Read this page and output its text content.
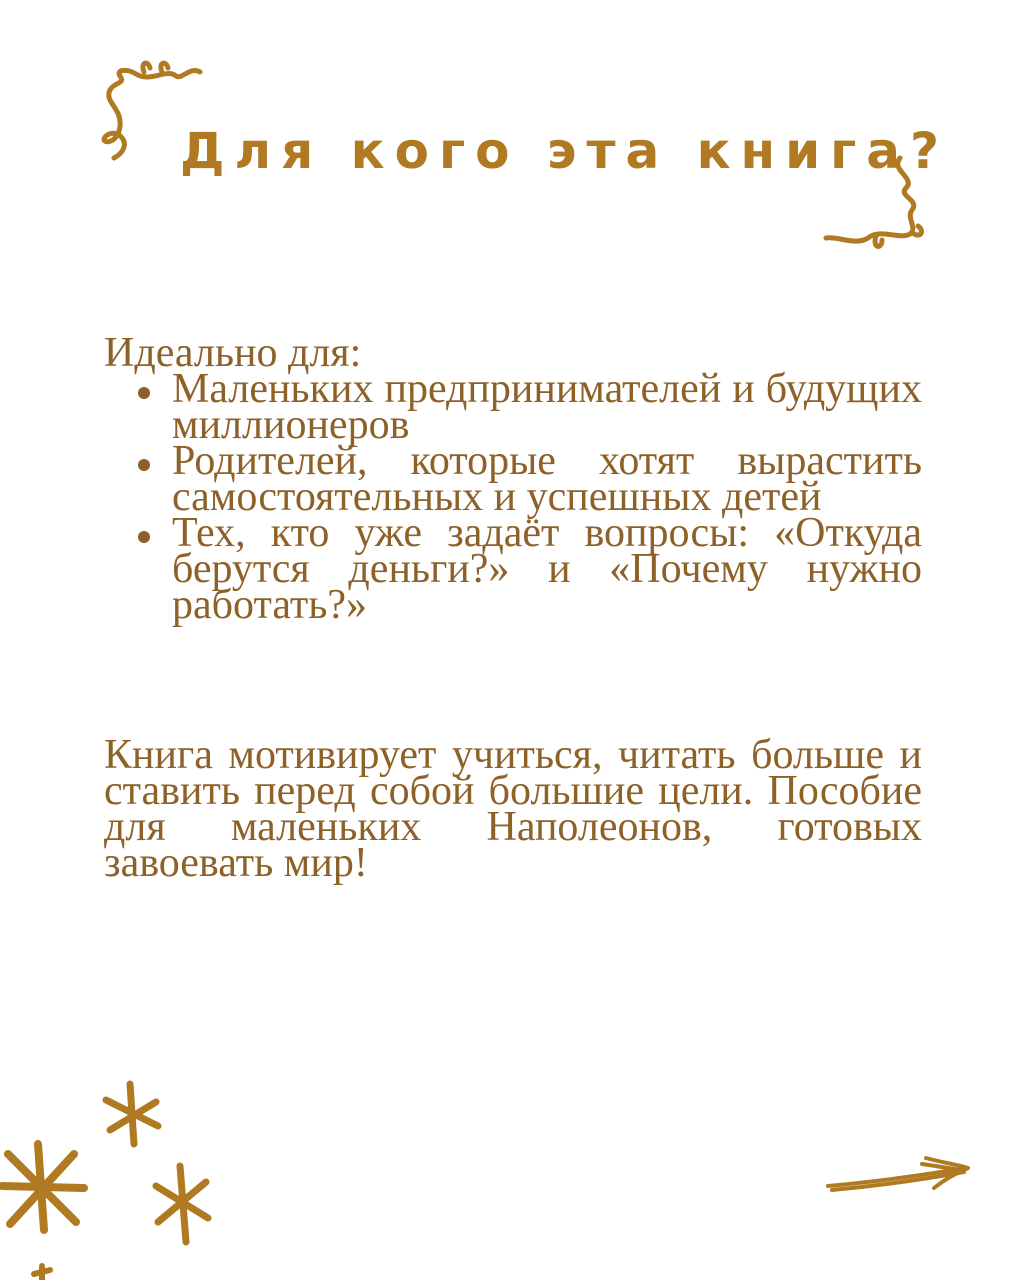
Для кого эта книга?

Идеально для:

Маленьких предпринимателей и будущих миллионеров
Родителей, которые хотят вырастить самостоятельных и успешных детей
Тех, кто уже задаёт вопросы: «Откуда берутся деньги?» и «Почему нужно работать?»

Книга мотивирует учиться, читать больше и ставить перед собой большие цели. Пособие для маленьких Наполеонов, готовых завоевать мир!
